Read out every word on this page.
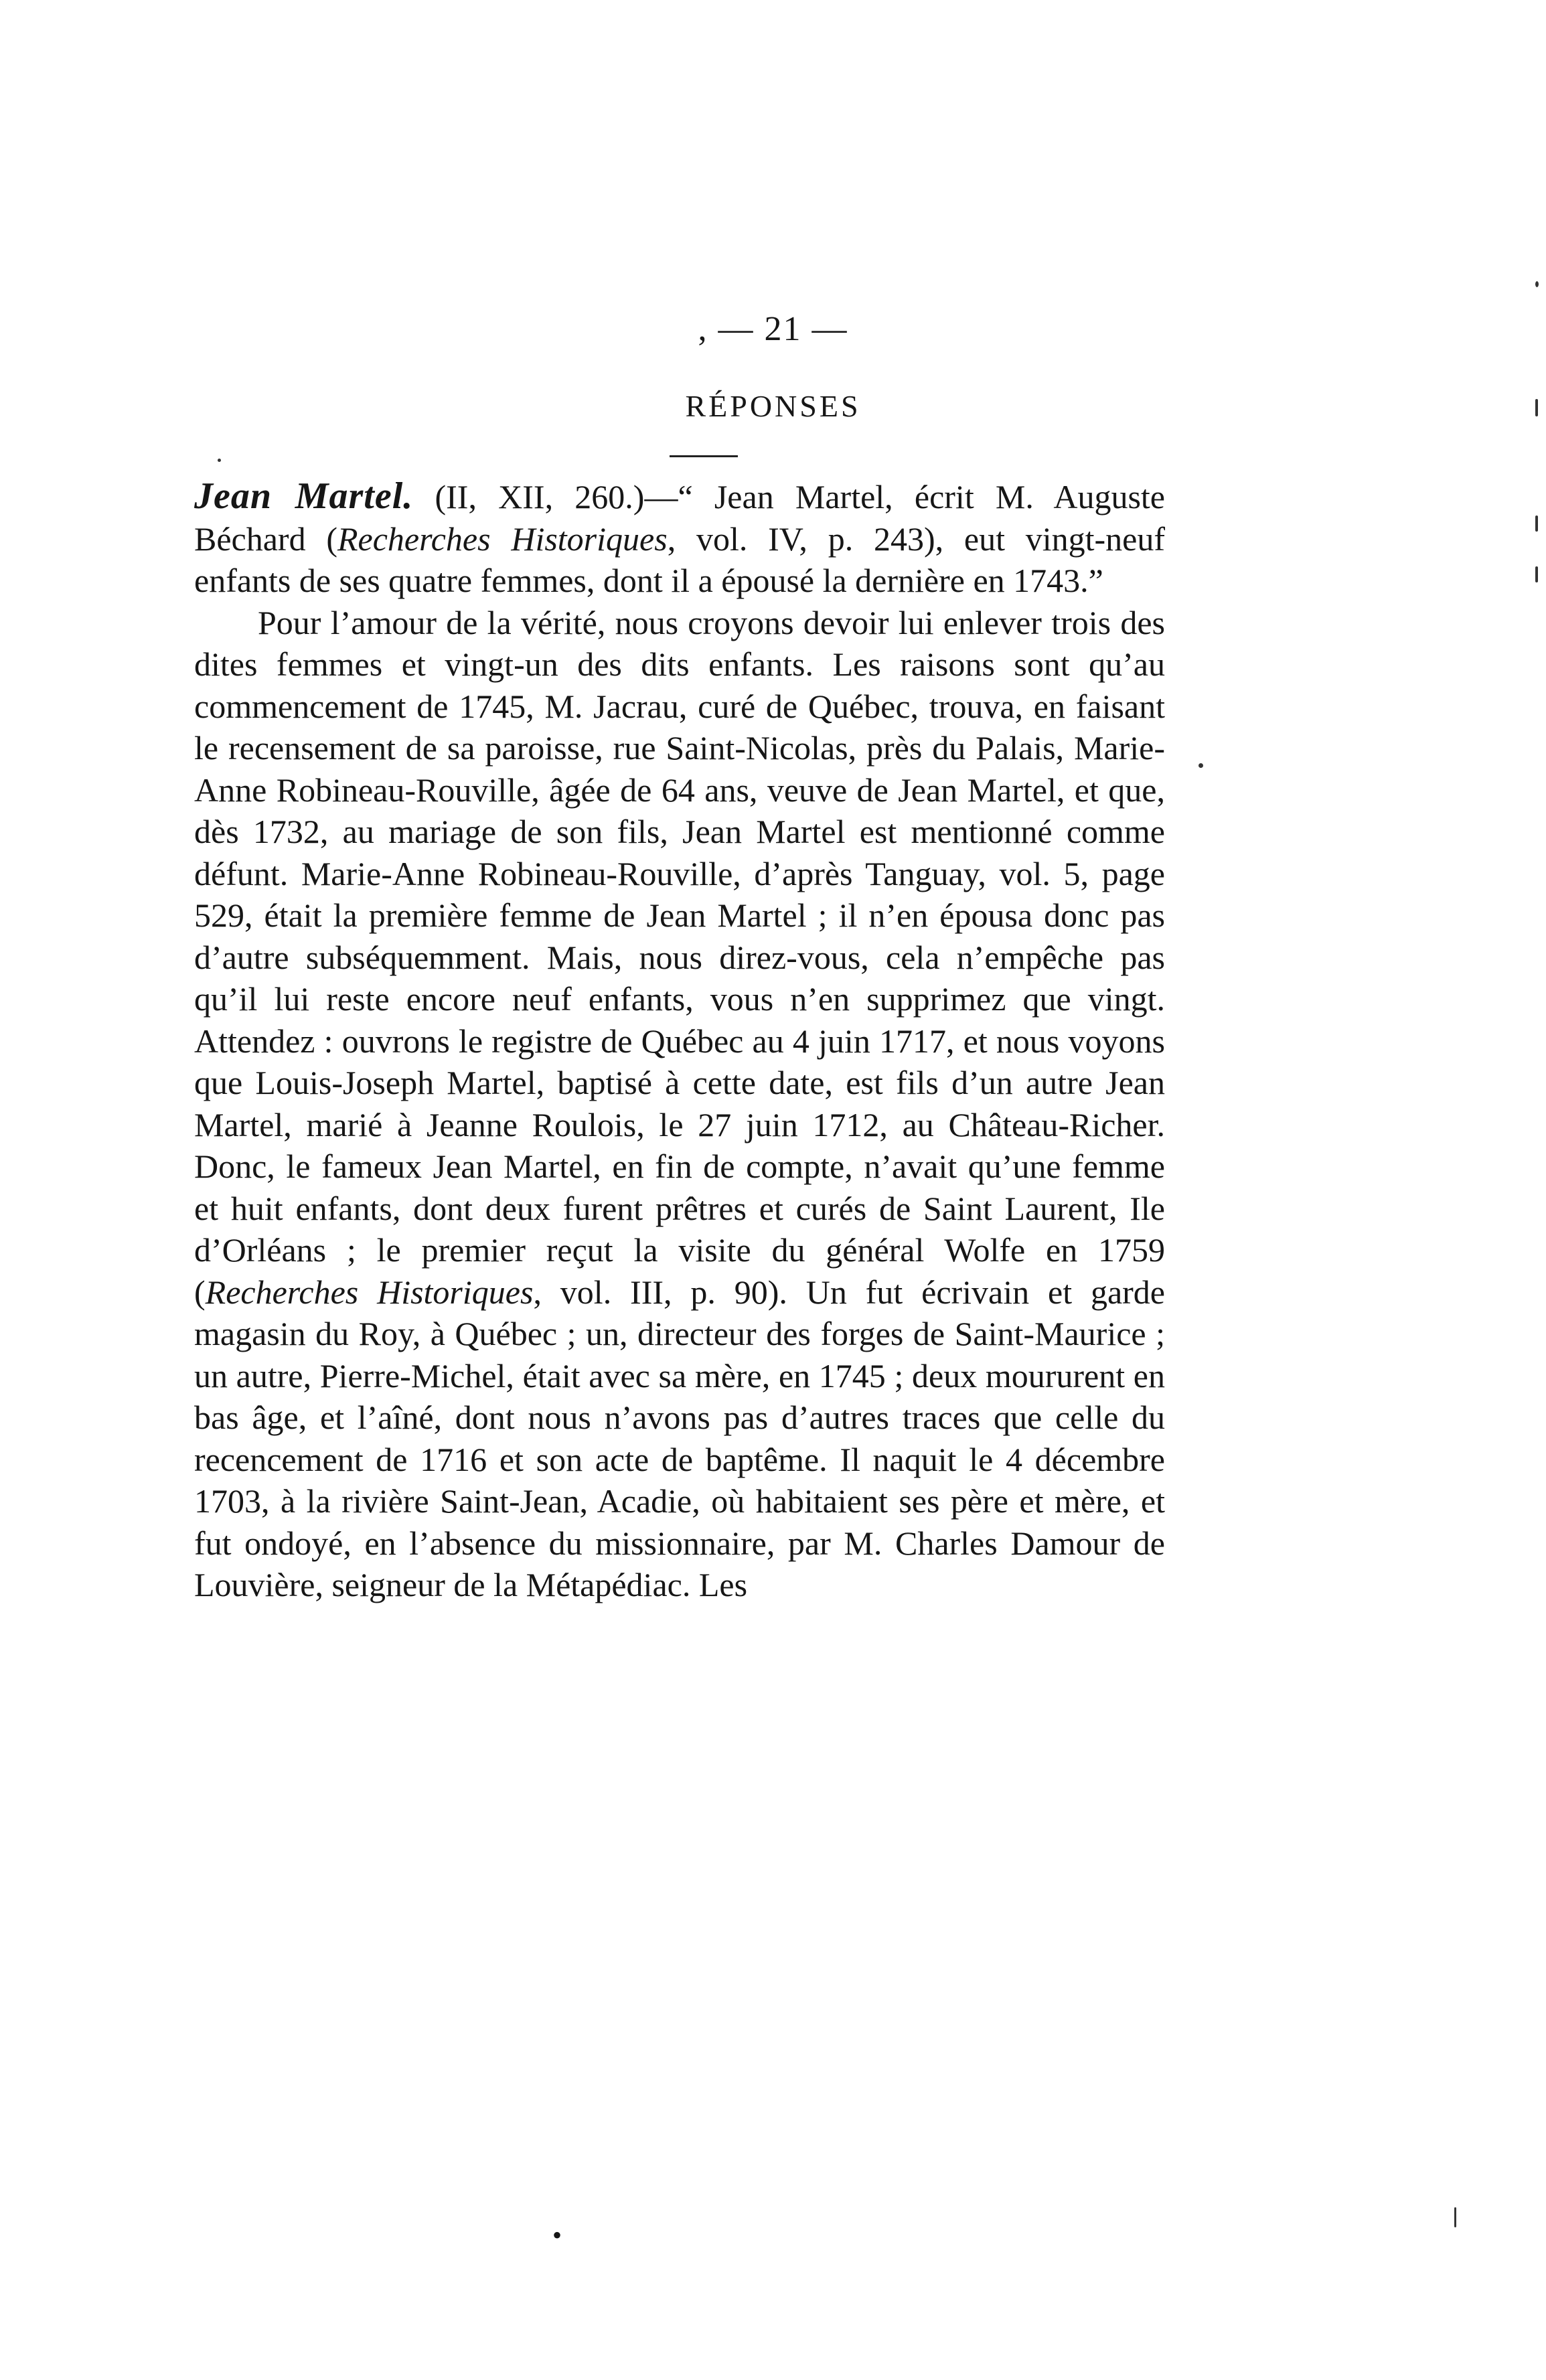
, — 21 —
RÉPONSES

Jean Martel. (II, XII, 260.)—“ Jean Martel, écrit M. Auguste Béchard (Recherches Historiques, vol. IV, p. 243), eut vingt-neuf enfants de ses quatre femmes, dont il a épousé la dernière en 1743.”

Pour l’amour de la vérité, nous croyons devoir lui enlever trois des dites femmes et vingt-un des dits enfants. Les raisons sont qu’au commencement de 1745, M. Jacrau, curé de Québec, trouva, en faisant le recensement de sa paroisse, rue Saint-Nicolas, près du Palais, Marie-Anne Robineau-Rouville, âgée de 64 ans, veuve de Jean Martel, et que, dès 1732, au mariage de son fils, Jean Martel est mentionné comme défunt. Marie-Anne Robineau-Rouville, d’après Tanguay, vol. 5, page 529, était la première femme de Jean Martel ; il n’en épousa donc pas d’autre subséquemment. Mais, nous direz-vous, cela n’empêche pas qu’il lui reste encore neuf enfants, vous n’en supprimez que vingt. Attendez : ouvrons le registre de Québec au 4 juin 1717, et nous voyons que Louis-Joseph Martel, baptisé à cette date, est fils d’un autre Jean Martel, marié à Jeanne Roulois, le 27 juin 1712, au Château-Richer. Donc, le fameux Jean Martel, en fin de compte, n’avait qu’une femme et huit enfants, dont deux furent prêtres et curés de Saint Laurent, Ile d’Orléans ; le premier reçut la visite du général Wolfe en 1759 (Recherches Historiques, vol. III, p. 90). Un fut écrivain et garde magasin du Roy, à Québec ; un, directeur des forges de Saint-Maurice ; un autre, Pierre-Michel, était avec sa mère, en 1745 ; deux moururent en bas âge, et l’aîné, dont nous n’avons pas d’autres traces que celle du recencement de 1716 et son acte de baptême. Il naquit le 4 décembre 1703, à la rivière Saint-Jean, Acadie, où habitaient ses père et mère, et fut ondoyé, en l’absence du missionnaire, par M. Charles Damour de Louvière, seigneur de la Métapédiac. Les

•
